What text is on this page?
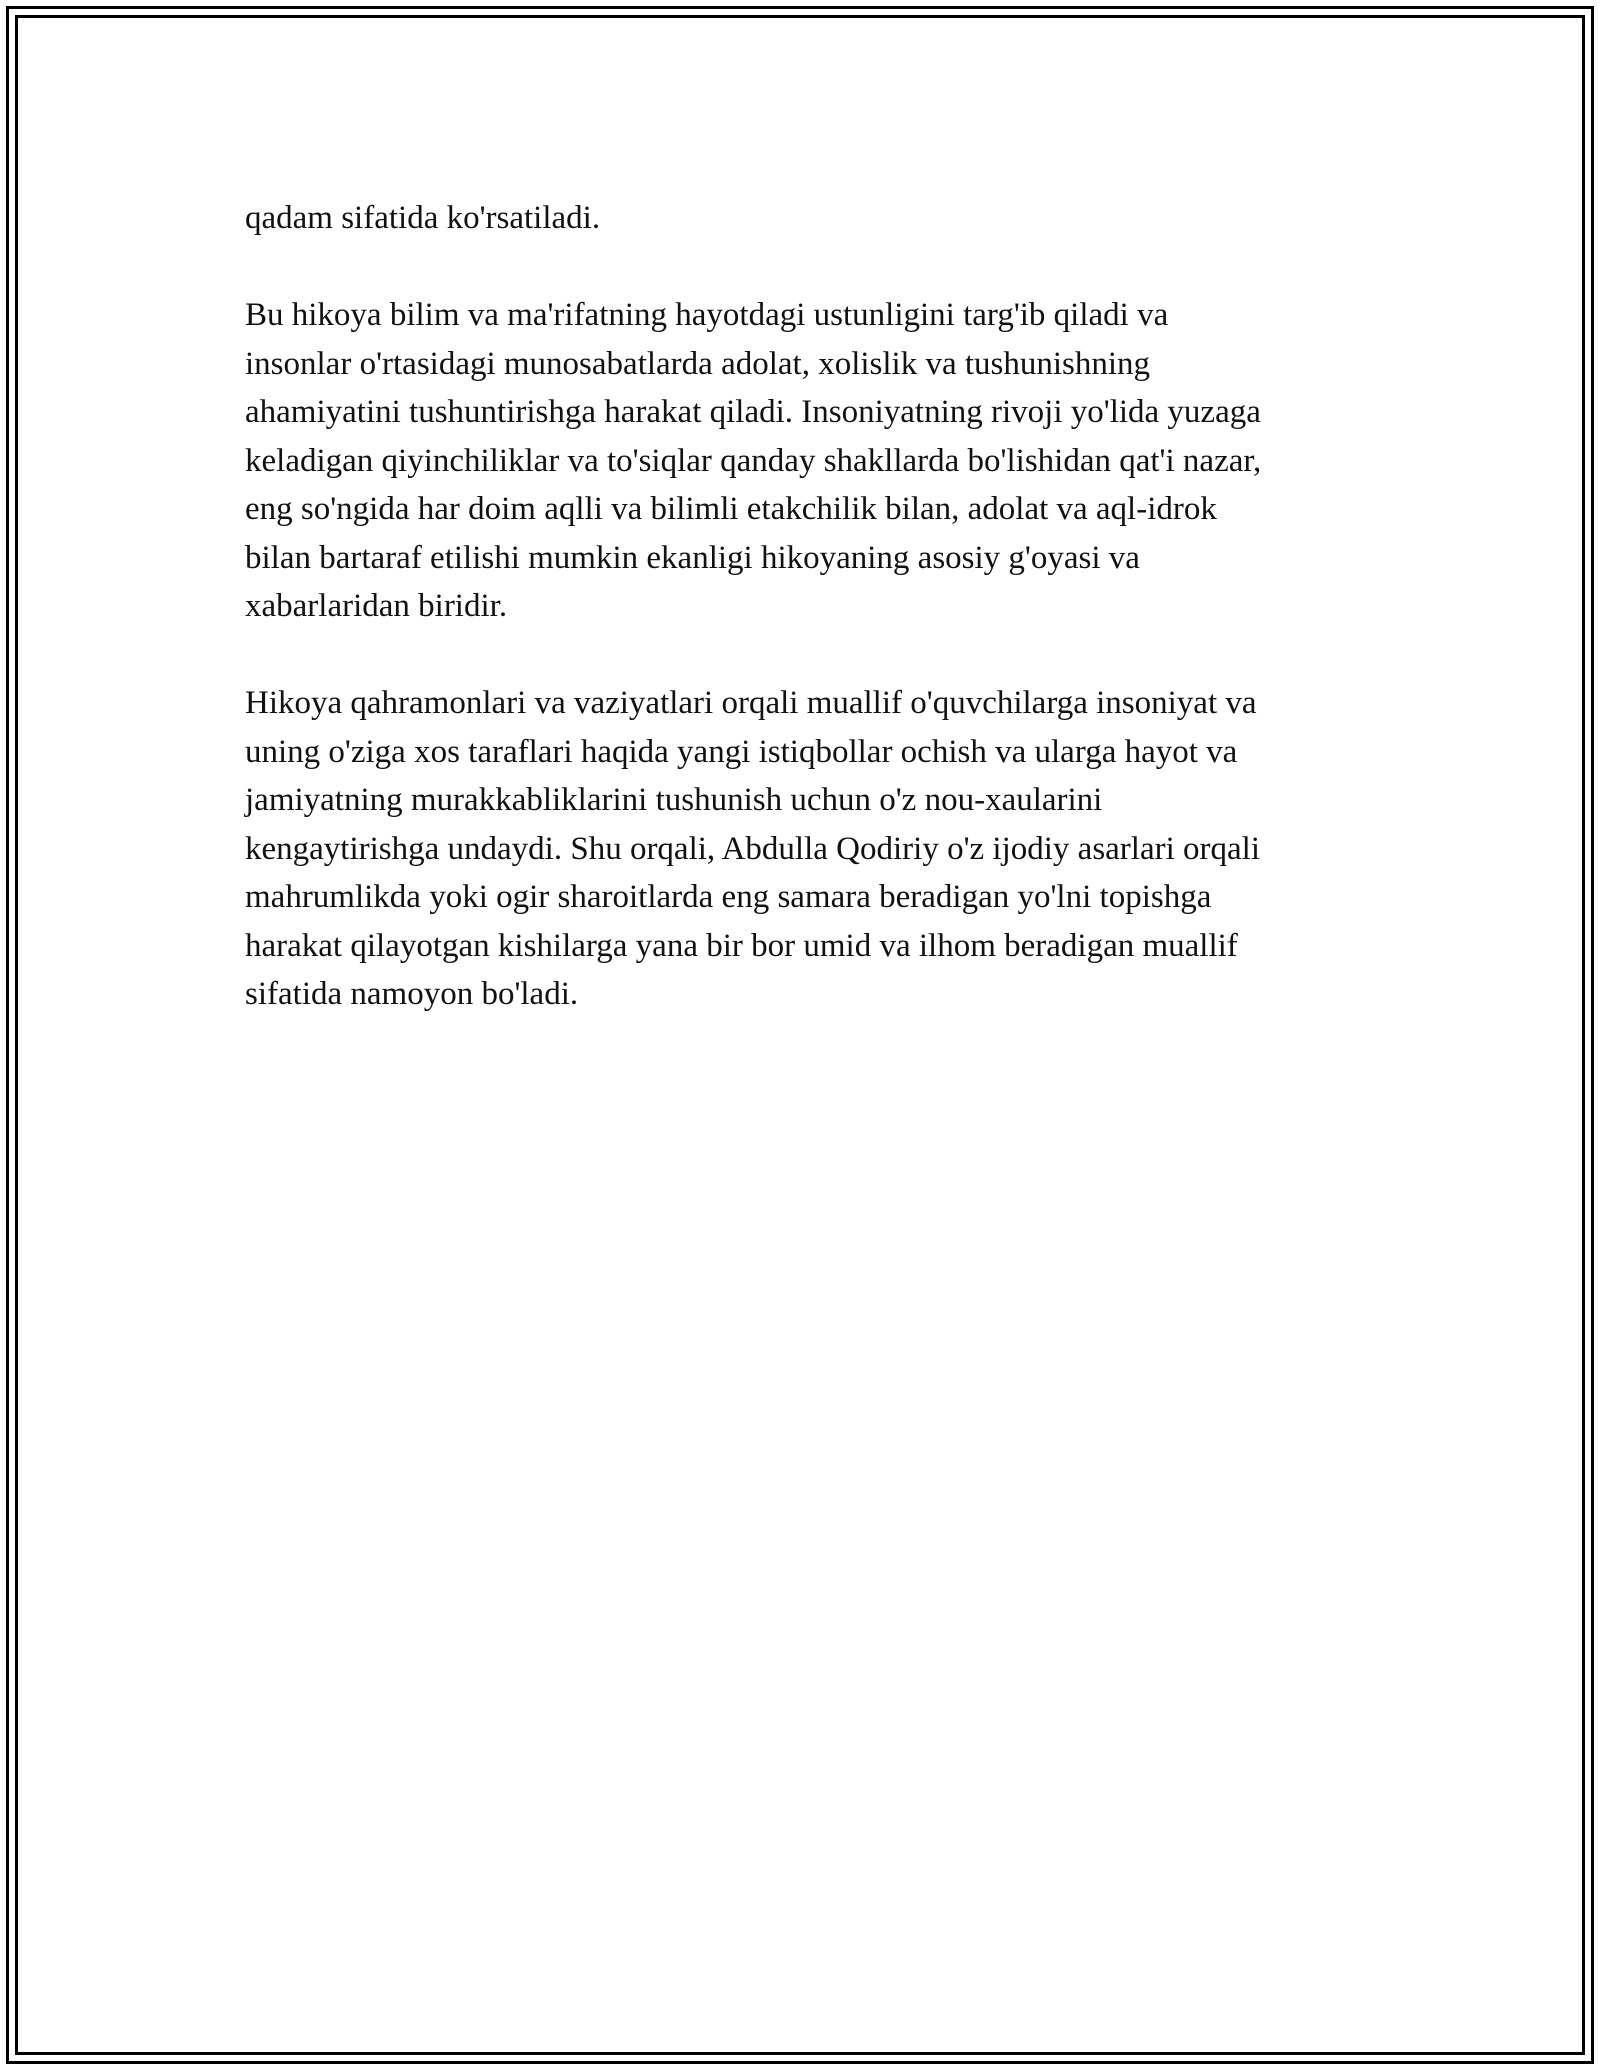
qadam sifatida ko'rsatiladi.

Bu hikoya bilim va ma'rifatning hayotdagi ustunligini targ'ib qiladi va
insonlar o'rtasidagi munosabatlarda adolat, xolislik va tushunishning
ahamiyatini tushuntirishga harakat qiladi. Insoniyatning rivoji yo'lida yuzaga
keladigan qiyinchiliklar va to'siqlar qanday shakllarda bo'lishidan qat'i nazar,
eng so'ngida har doim aqlli va bilimli etakchilik bilan, adolat va aql-idrok
bilan bartaraf etilishi mumkin ekanligi hikoyaning asosiy g'oyasi va
xabarlaridan biridir.

Hikoya qahramonlari va vaziyatlari orqali muallif o'quvchilarga insoniyat va
uning o'ziga xos taraflari haqida yangi istiqbollar ochish va ularga hayot va
jamiyatning murakkabliklarini tushunish uchun o'z nou-xaularini
kengaytirishga undaydi. Shu orqali, Abdulla Qodiriy o'z ijodiy asarlari orqali
mahrumlikda yoki ogir sharoitlarda eng samara beradigan yo'lni topishga
harakat qilayotgan kishilarga yana bir bor umid va ilhom beradigan muallif
sifatida namoyon bo'ladi.
